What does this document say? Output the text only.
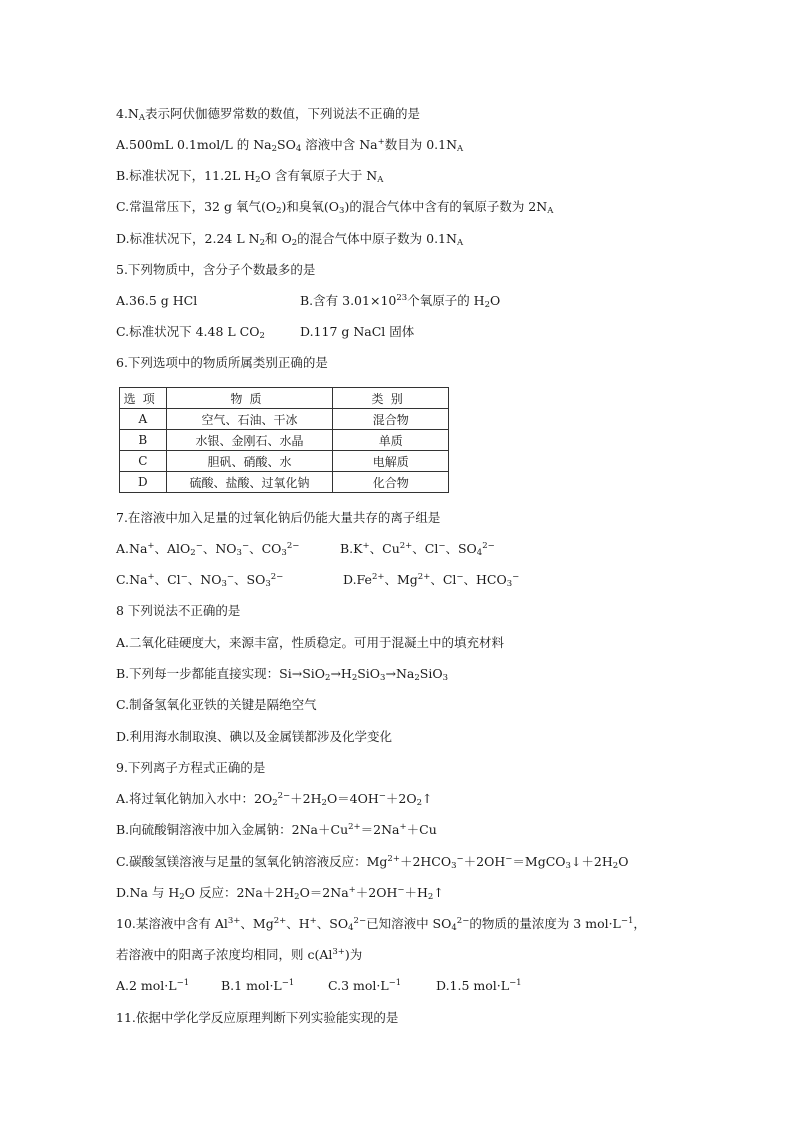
$4.N_A$表示阿伏伽德罗常数的数值，下列说法不正确的是
A.500mL 0.1mol/L 的 $Na_2SO_4$ 溶液中含 Na+数目为 $0.1N_A$
B.标准状况下，11.2L $H_2O$ 含有氧原子大于 $N_A$
C.常温常压下，32 g 氧气$(O_2)$和臭氧$(O_3)$的混合气体中含有的氧原子数为 $2N_A$
D.标准状况下，2.24 L $N_2$和 $O_2$的混合气体中原子数为 $0.1N_A$
5.下列物质中，含分子个数最多的是
A.36.5 g HCl	B.含有 $3.01\times 10^{23}$个氧原子的 $H_2O$
C.标准状况下 4.48 L $CO_2$	D.117 g NaCl 固体
6.下列选项中的物质所属类别正确的是
选项	物质	类别
A	空气、石油、干冰	混合物
B	水银、金刚石、水晶	单质
C	胆矾、硝酸、水	电解质
D	硫酸、盐酸、过氧化钠	化合物
7.在溶液中加入足量的过氧化钠后仍能大量共存的离子组是
A.Na+、AlO$_2$−、$NO_3^-$、$CO_3^{2-}$	B.K+、$Cu^{2+}$、Cl−、$SO_4^{2-}$
C.Na+、Cl−、$NO_3^-$、$SO_3^{2-}$	$D.Fe^{2+}$、$Mg^{2+}$、Cl−、$HCO_3^-$
8 下列说法不正确的是
A.二氧化硅硬度大，来源丰富，性质稳定。可用于混凝土中的填充材料
B.下列每一步都能直接实现：$Si\to SiO_2\to H_2SiO_3\to Na_2SiO_3$
C.制备氢氧化亚铁的关键是隔绝空气
D.利用海水制取溴、碘以及金属镁都涉及化学变化
9.下列离子方程式正确的是
A.将过氧化钠加入水中：$2O_2^{2-}+2H_2O=4OH^-+2O_2↑$
B.向硫酸铜溶液中加入金属钠：$2Na+Cu^{2+}=2Na^++Cu$
C.碳酸氢镁溶液与足量的氢氧化钠溶液反应：$Mg^{2+}+2HCO_3^-+2OH^-=MgCO_3↓+2H_2O$
D.Na 与 $H_2O$ 反应：$2Na+2H_2O=2Na^++2OH^-+H_2↑$
10.某溶液中含有 $Al^{3+}$、$Mg^{2+}$、H+、$SO_4^{2-}$已知溶液中 $SO_4^{2-}$的物质的量浓度为 3 $mol\cdot L^{-1}$，
若溶液中的阳离子浓度均相同，则 $c(Al^{3+})$为
A.2 $mol\cdot L^{-1}$	B.1 $mol\cdot L^{-1}$	C.3 $mol\cdot L^{-1}$	D.1.5 $mol\cdot L^{-1}$
11.依据中学化学反应原理判断下列实验能实现的是
